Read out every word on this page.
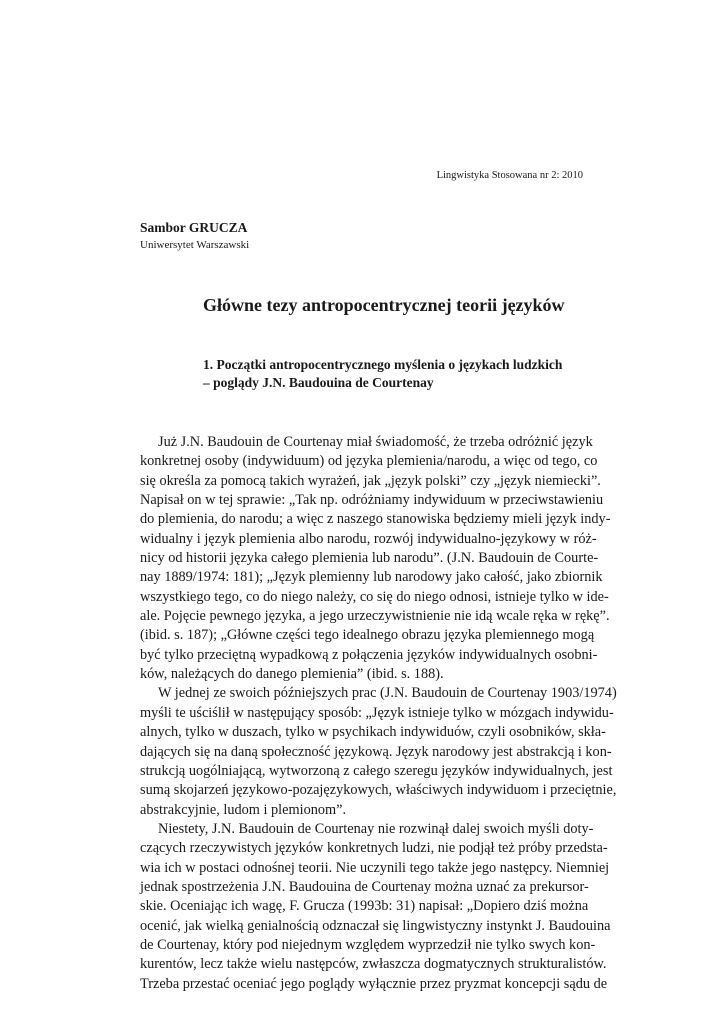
Lingwistyka Stosowana nr 2: 2010
Sambor GRUCZA
Uniwersytet Warszawski
Główne tezy antropocentrycznej teorii języków
1. Początki antropocentrycznego myślenia o językach ludzkich
– poglądy J.N. Baudouina de Courtenay
Już J.N. Baudouin de Courtenay miał świadomość, że trzeba odróżnić język
konkretnej osoby (indywiduum) od języka plemienia/narodu, a więc od tego, co
się określa za pomocą takich wyrażeń, jak „język polski” czy „język niemiecki”.
Napisał on w tej sprawie: „Tak np. odróżniamy indywiduum w przeciwstawieniu
do plemienia, do narodu; a więc z naszego stanowiska będziemy mieli język indy-
widualny i język plemienia albo narodu, rozwój indywidualno-językowy w róż-
nicy od historii języka całego plemienia lub narodu”. (J.N. Baudouin de Courte-
nay 1889/1974: 181); „Język plemienny lub narodowy jako całość, jako zbiornik
wszystkiego tego, co do niego należy, co się do niego odnosi, istnieje tylko w ide-
ale. Pojęcie pewnego języka, a jego urzeczywistnienie nie idą wcale ręka w rękę”.
(ibid. s. 187); „Główne części tego idealnego obrazu języka plemiennego mogą
być tylko przeciętną wypadkową z połączenia języków indywidualnych osobni-
ków, należących do danego plemienia” (ibid. s. 188).
W jednej ze swoich późniejszych prac (J.N. Baudouin de Courtenay 1903/1974)
myśli te uściślił w następujący sposób: „Język istnieje tylko w mózgach indywidu-
alnych, tylko w duszach, tylko w psychikach indywiduów, czyli osobników, skła-
dających się na daną społeczność językową. Język narodowy jest abstrakcją i kon-
strukcją uogólniającą, wytworzoną z całego szeregu języków indywidualnych, jest
sumą skojarzeń językowo-pozajęzykowych, właściwych indywiduom i przeciętnie,
abstrakcyjnie, ludom i plemionom”.
Niestety, J.N. Baudouin de Courtenay nie rozwinął dalej swoich myśli doty-
czących rzeczywistych języków konkretnych ludzi, nie podjął też próby przedsta-
wia ich w postaci odnośnej teorii. Nie uczynili tego także jego następcy. Niemniej
jednak spostrzeżenia J.N. Baudouina de Courtenay można uznać za prekursor-
skie. Oceniając ich wagę, F. Grucza (1993b: 31) napisał: „Dopiero dziś można
ocenić, jak wielką genialnością odznaczał się lingwistyczny instynkt J. Baudouina
de Courtenay, który pod niejednym względem wyprzedził nie tylko swych kon-
kurentów, lecz także wielu następców, zwłaszcza dogmatycznych strukturalistów.
Trzeba przestać oceniać jego poglądy wyłącznie przez pryzmat koncepcji sądu de
